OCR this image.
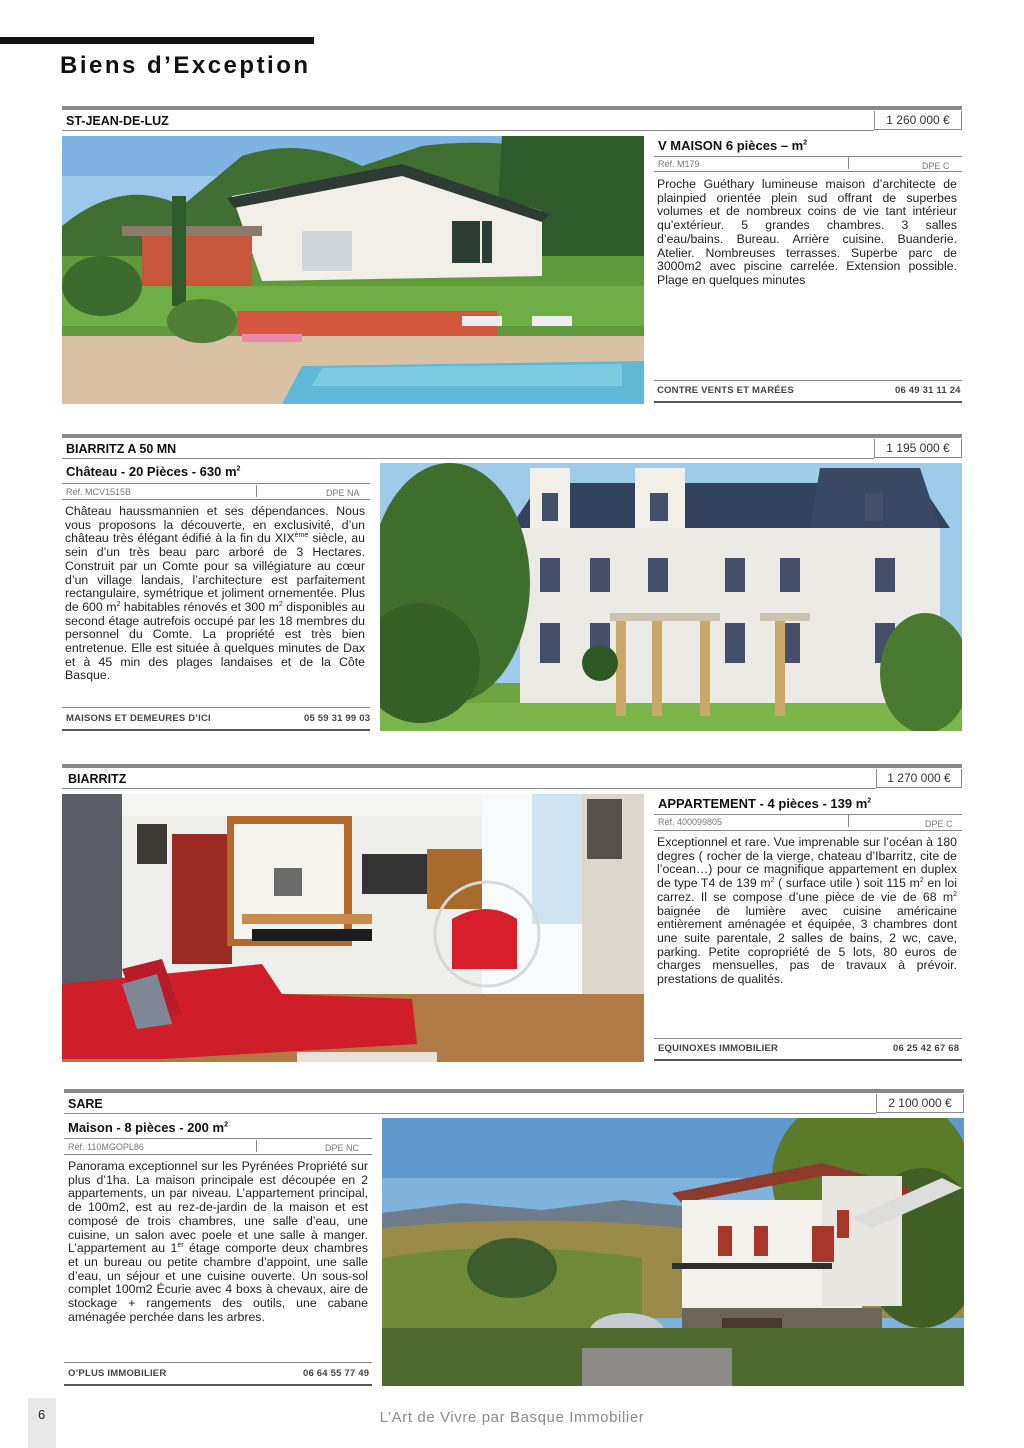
Biens d’Exception
ST-JEAN-DE-LUZ	1 260 000 €
V MAISON 6 pièces – $m^2$
Réf. M179	DPE C
Proche Guéthary lumineuse maison d’architecte de plainpied orientée plein sud offrant de superbes volumes et de nombreux coins de vie tant intérieur qu’extérieur. 5 grandes chambres. 3 salles d’eau/bains. Bureau. Arrière cuisine. Buanderie. Atelier. Nombreuses terrasses. Superbe parc de 3000m2 avec piscine carrelée. Extension possible. Plage en quelques minutes
CONTRE VENTS ET MARÉES	06 49 31 11 24
BIARRITZ A 50 MN	1 195 000 €
Château - 20 Pièces - 630 $m^2$
Réf. MCV1515B	DPE NA
Château haussmannien et ses dépendances. Nous vous proposons la découverte, en exclusivité, d’un château très élégant édifié à la fin du XIXème siècle, au sein d’un très beau parc arboré de 3 Hectares. Construit par un Comte pour sa villégiature au cœur d’un village landais, l’architecture est parfaitement rectangulaire, symétrique et joliment ornementée. Plus de 600 $m^2$ habitables rénovés et 300 $m^2$ disponibles au second étage autrefois occupé par les 18 membres du personnel du Comte. La propriété est très bien entretenue. Elle est située à quelques minutes de Dax et à 45 min des plages landaises et de la Côte Basque.
MAISONS ET DEMEURES D’ICI	05 59 31 99 03
BIARRITZ	1 270 000 €
APPARTEMENT - 4 pièces - 139 $m^2$
Réf. 400099805	DPE C
Exceptionnel et rare. Vue imprenable sur l’océan à 180 degres ( rocher de la vierge, chateau d’Ibarritz, cite de l’ocean…) pour ce magnifique appartement en duplex de type T4 de 139 $m^2$ ( surface utile ) soit 115 $m^2$ en loi carrez. Il se compose d’une pièce de vie de 68 $m^2$ baignée de lumière avec cuisine américaine entièrement aménagée et équipée, 3 chambres dont une suite parentale, 2 salles de bains, 2 wc, cave, parking. Petite copropriété de 5 lots, 80 euros de charges mensuelles, pas de travaux à prévoir. prestations de qualités.
EQUINOXES IMMOBILIER	06 25 42 67 68
SARE	2 100 000 €
Maison - 8 pièces - 200 $m^2$
Réf. 110MGOPL86	DPE NC
Panorama exceptionnel sur les Pyrénées Propriété sur plus d’1ha. La maison principale est découpée en 2 appartements, un par niveau. L’appartement principal, de 100m2, est au rez-de-jardin de la maison et est composé de trois chambres, une salle d’eau, une cuisine, un salon avec poele et une salle à manger. L’appartement au 1er étage comporte deux chambres et un bureau ou petite chambre d’appoint, une salle d’eau, un séjour et une cuisine ouverte. Un sous-sol complet 100m2 Écurie avec 4 boxs à chevaux, aire de stockage + rangements des outils, une cabane aménagée perchée dans les arbres.
O’PLUS IMMOBILIER	06 64 55 77 49
6	L’Art de Vivre par Basque Immobilier
